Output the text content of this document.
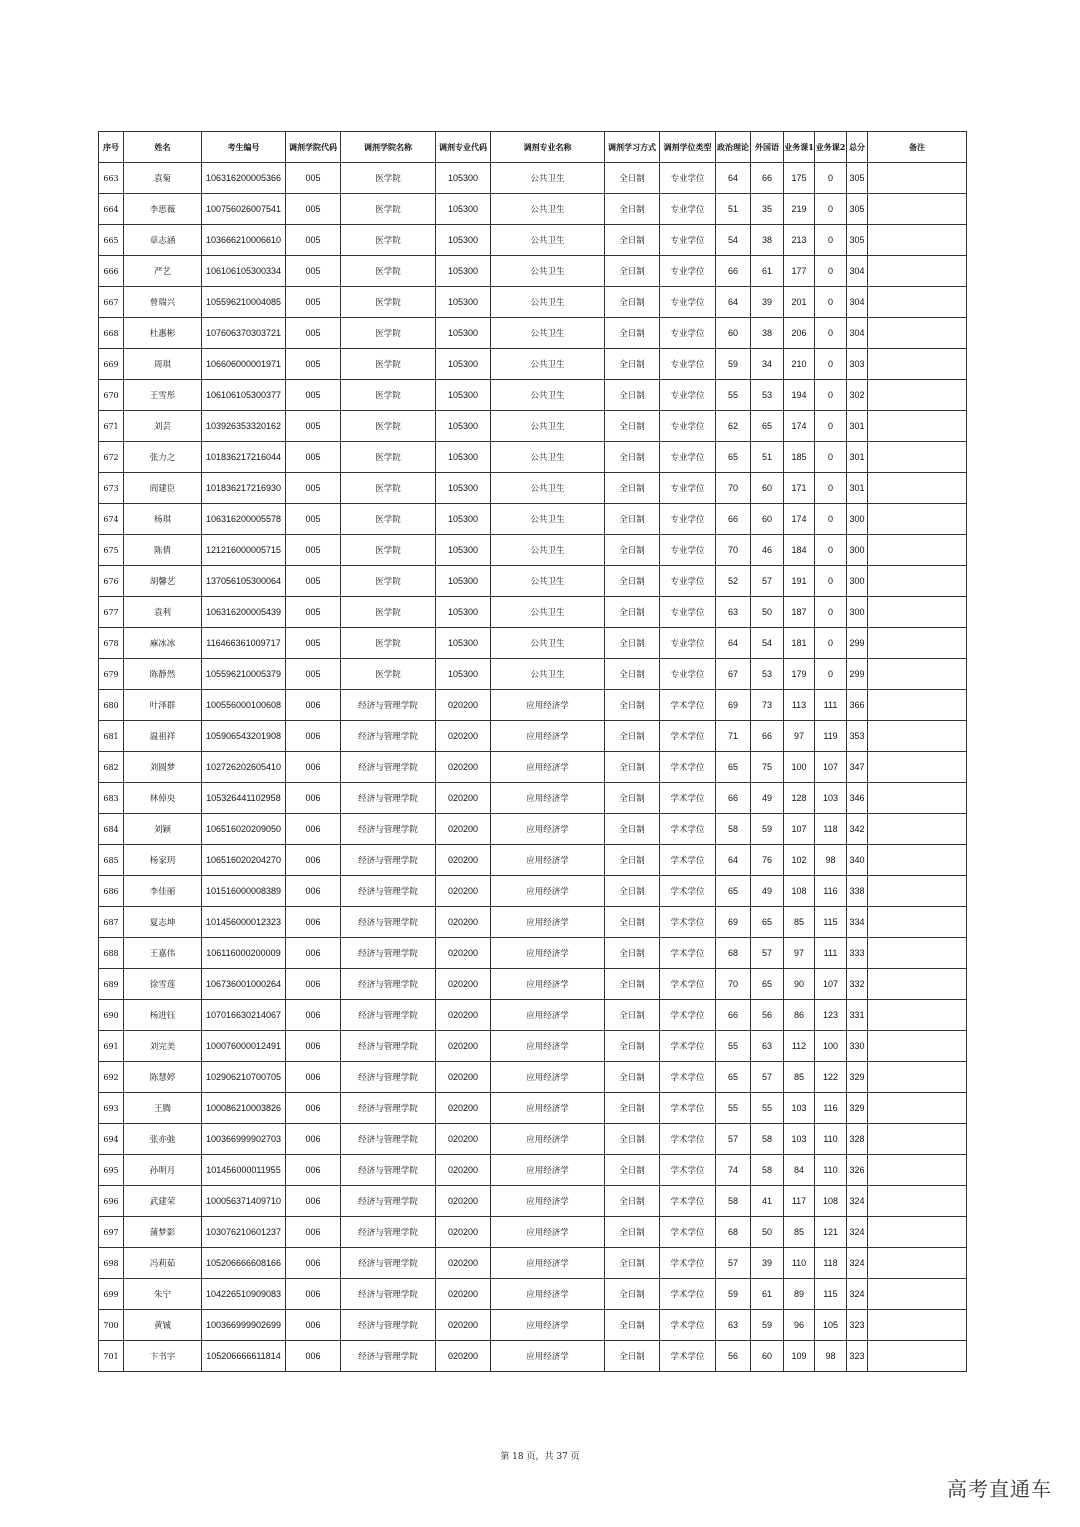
序号	姓名	考生编号	调剂学院代码	调剂学院名称	调剂专业代码	调剂专业名称	调剂学习方式	调剂学位类型	政治理论	外国语	业务课1	业务课2	总分	备注
663	袁菊	106316200005366	005	医学院	105300	公共卫生	全日制	专业学位	64	66	175	0	305	
664	李思薇	100756026007541	005	医学院	105300	公共卫生	全日制	专业学位	51	35	219	0	305	
665	章志涵	103666210006610	005	医学院	105300	公共卫生	全日制	专业学位	54	38	213	0	305	
666	严艺	106106105300334	005	医学院	105300	公共卫生	全日制	专业学位	66	61	177	0	304	
667	曾瑞兴	105596210004085	005	医学院	105300	公共卫生	全日制	专业学位	64	39	201	0	304	
668	杜惠彬	107606370303721	005	医学院	105300	公共卫生	全日制	专业学位	60	38	206	0	304	
669	周琪	106606000001971	005	医学院	105300	公共卫生	全日制	专业学位	59	34	210	0	303	
670	王雪彤	106106105300377	005	医学院	105300	公共卫生	全日制	专业学位	55	53	194	0	302	
671	刘芸	103926353320162	005	医学院	105300	公共卫生	全日制	专业学位	62	65	174	0	301	
672	张力之	101836217216044	005	医学院	105300	公共卫生	全日制	专业学位	65	51	185	0	301	
673	阎建臣	101836217216930	005	医学院	105300	公共卫生	全日制	专业学位	70	60	171	0	301	
674	杨琪	106316200005578	005	医学院	105300	公共卫生	全日制	专业学位	66	60	174	0	300	
675	陈倩	121216000005715	005	医学院	105300	公共卫生	全日制	专业学位	70	46	184	0	300	
676	胡馨艺	137056105300064	005	医学院	105300	公共卫生	全日制	专业学位	52	57	191	0	300	
677	袁利	106316200005439	005	医学院	105300	公共卫生	全日制	专业学位	63	50	187	0	300	
678	麻冰冰	116466361009717	005	医学院	105300	公共卫生	全日制	专业学位	64	54	181	0	299	
679	陈静然	105596210005379	005	医学院	105300	公共卫生	全日制	专业学位	67	53	179	0	299	
680	叶泽群	100556000100608	006	经济与管理学院	020200	应用经济学	全日制	学术学位	69	73	113	111	366	
681	温祖祥	105906543201908	006	经济与管理学院	020200	应用经济学	全日制	学术学位	71	66	97	119	353	
682	刘圆梦	102726202605410	006	经济与管理学院	020200	应用经济学	全日制	学术学位	65	75	100	107	347	
683	林倬央	105326441102958	006	经济与管理学院	020200	应用经济学	全日制	学术学位	66	49	128	103	346	
684	刘颖	106516020209050	006	经济与管理学院	020200	应用经济学	全日制	学术学位	58	59	107	118	342	
685	杨家玥	106516020204270	006	经济与管理学院	020200	应用经济学	全日制	学术学位	64	76	102	98	340	
686	李佳丽	101516000008389	006	经济与管理学院	020200	应用经济学	全日制	学术学位	65	49	108	116	338	
687	夏志坤	101456000012323	006	经济与管理学院	020200	应用经济学	全日制	学术学位	69	65	85	115	334	
688	王嘉伟	106116000200009	006	经济与管理学院	020200	应用经济学	全日制	学术学位	68	57	97	111	333	
689	徐雪莲	106736001000264	006	经济与管理学院	020200	应用经济学	全日制	学术学位	70	65	90	107	332	
690	杨进钰	107016630214067	006	经济与管理学院	020200	应用经济学	全日制	学术学位	66	56	86	123	331	
691	刘完美	100076000012491	006	经济与管理学院	020200	应用经济学	全日制	学术学位	55	63	112	100	330	
692	陈慧婷	102906210700705	006	经济与管理学院	020200	应用经济学	全日制	学术学位	65	57	85	122	329	
693	王腾	100086210003826	006	经济与管理学院	020200	应用经济学	全日制	学术学位	55	55	103	116	329	
694	张亦弛	100366999902703	006	经济与管理学院	020200	应用经济学	全日制	学术学位	57	58	103	110	328	
695	孙明月	101456000011955	006	经济与管理学院	020200	应用经济学	全日制	学术学位	74	58	84	110	326	
696	武建荣	100056371409710	006	经济与管理学院	020200	应用经济学	全日制	学术学位	58	41	117	108	324	
697	蒲梦影	103076210601237	006	经济与管理学院	020200	应用经济学	全日制	学术学位	68	50	85	121	324	
698	冯莉茹	105206666608166	006	经济与管理学院	020200	应用经济学	全日制	学术学位	57	39	110	118	324	
699	朱宁	104226510909083	006	经济与管理学院	020200	应用经济学	全日制	学术学位	59	61	89	115	324	
700	黄铖	100366999902699	006	经济与管理学院	020200	应用经济学	全日制	学术学位	63	59	96	105	323	
701	卞书宇	105206666611814	006	经济与管理学院	020200	应用经济学	全日制	学术学位	56	60	109	98	323	
第 18 页，共 37 页
高考直通车
